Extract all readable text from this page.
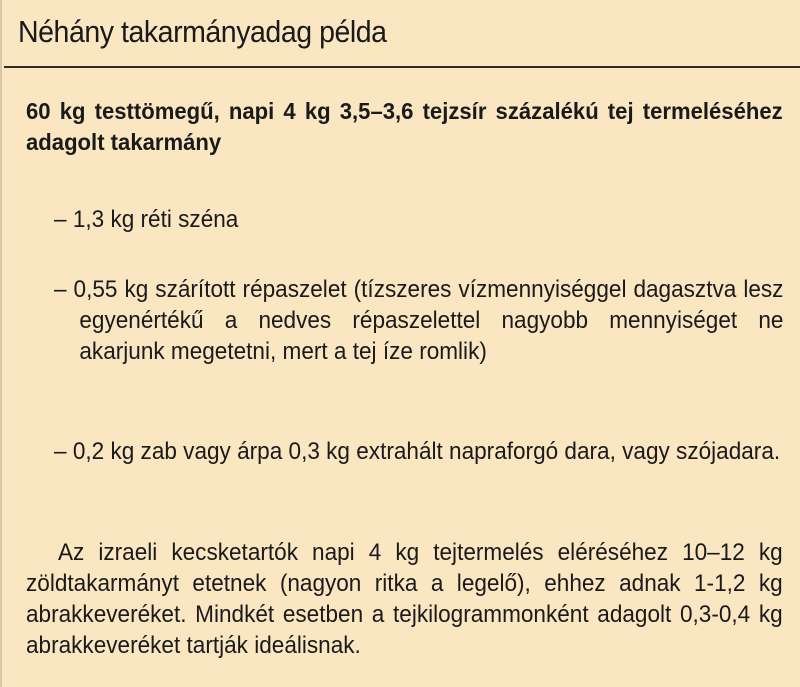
Néhány takarmányadag példa
60 kg testtömegű, napi 4 kg 3,5–3,6 tejzsír százalékú tej termeléséhez adagolt takarmány
– 1,3 kg réti széna
– 0,55 kg szárított répaszelet (tízszeres vízmennyiséggel dagasztva lesz egyenértékű a nedves répaszelettel nagyobb mennyiséget ne akarjunk megetetni, mert a tej íze romlik)
– 0,2 kg zab vagy árpa 0,3 kg extrahált napraforgó dara, vagy szójadara.
Az izraeli kecsketartók napi 4 kg tejtermelés eléréséhez 10–12 kg zöldtakarmányt etetnek (nagyon ritka a legelő), ehhez adnak 1-1,2 kg abrakkeveréket. Mindkét esetben a tejkilogrammonként adagolt 0,3-0,4 kg abrakkeveréket tartják ideálisnak.
